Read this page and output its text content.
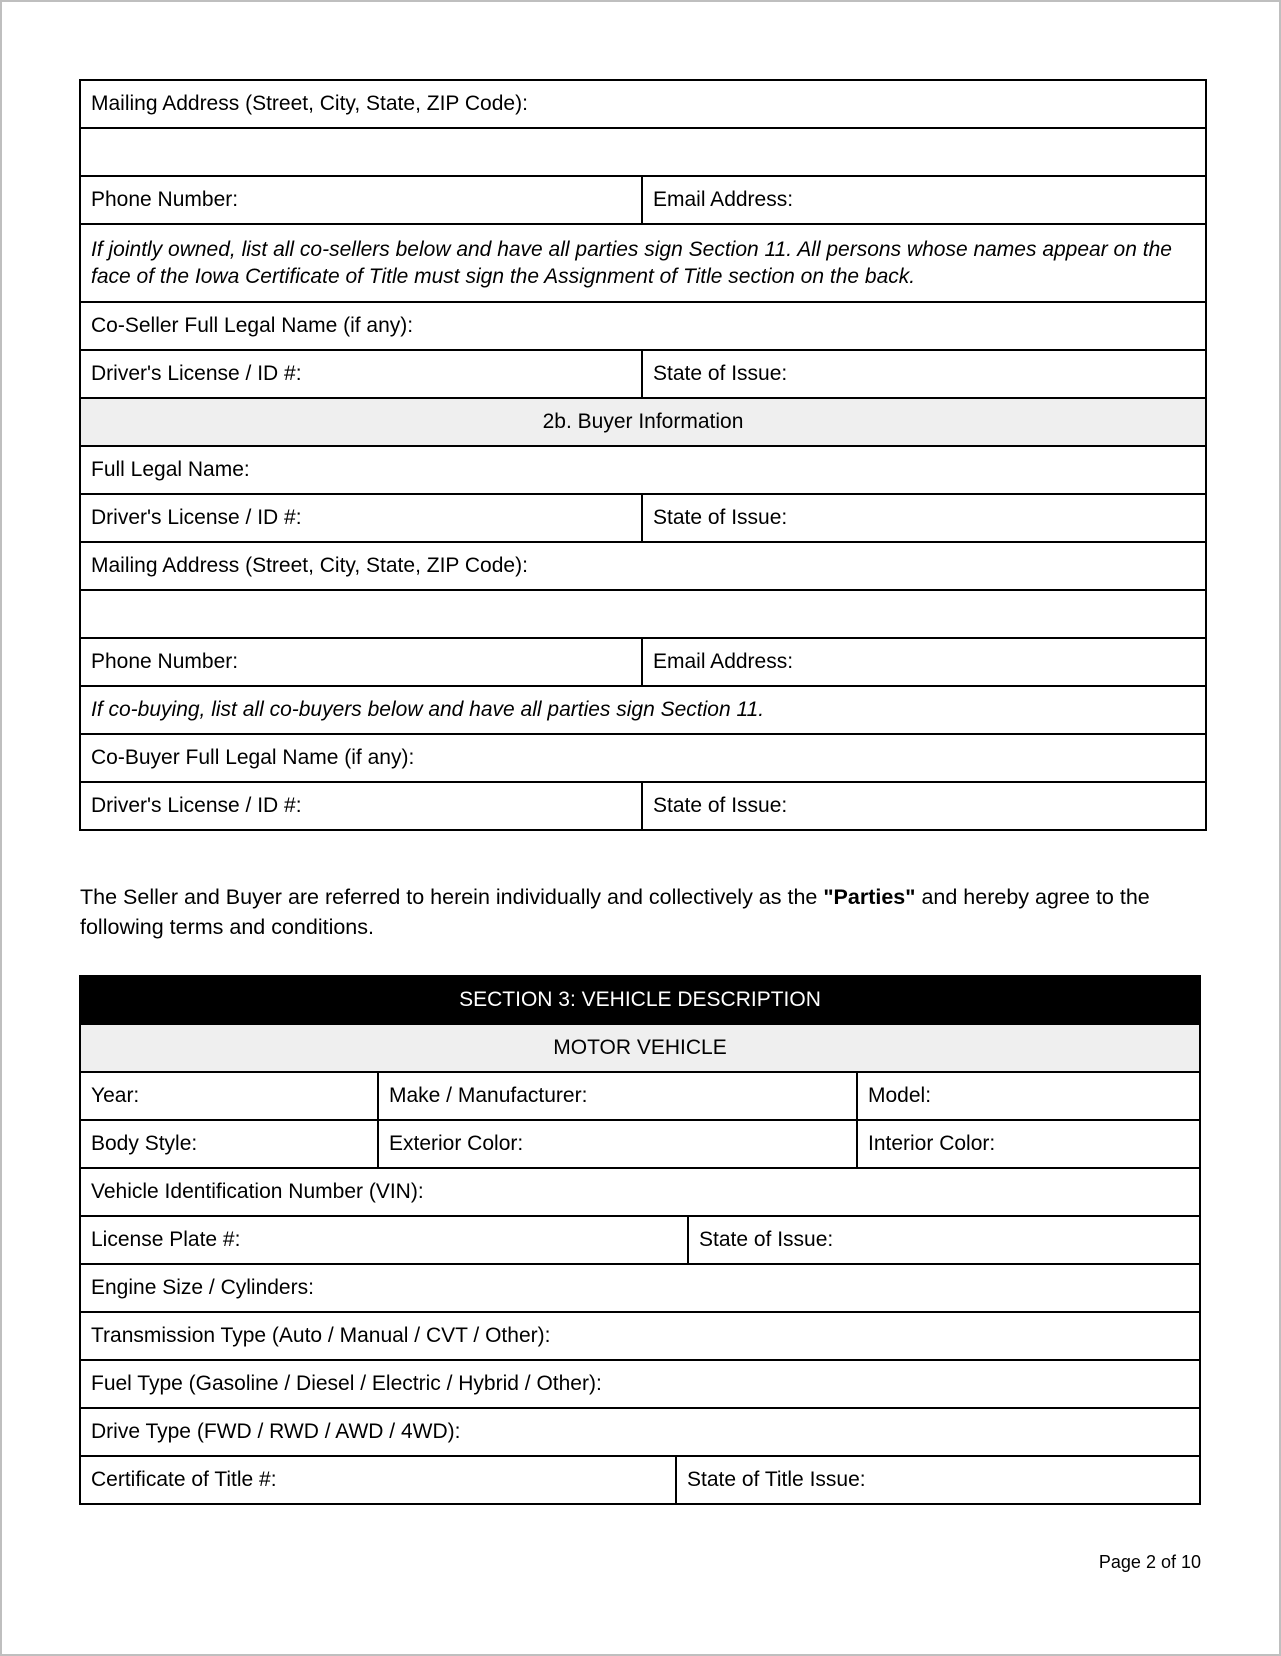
Mailing Address (Street, City, State, ZIP Code):	

Phone Number:	Email Address:
If jointly owned, list all co-sellers below and have all parties sign Section 11. All persons whose names appear on the face of the Iowa Certificate of Title must sign the Assignment of Title section on the back.	
Co-Seller Full Legal Name (if any):	
Driver's License / ID #:	State of Issue:
2b. Buyer Information	
Full Legal Name:	
Driver's License / ID #:	State of Issue:
Mailing Address (Street, City, State, ZIP Code):	

Phone Number:	Email Address:
If co-buying, list all co-buyers below and have all parties sign Section 11.	
Co-Buyer Full Legal Name (if any):	
Driver's License / ID #:	State of Issue:

The Seller and Buyer are referred to herein individually and collectively as the "Parties" and hereby agree to the following terms and conditions.

SECTION 3: VEHICLE DESCRIPTION				
MOTOR VEHICLE				
Year:	Make / Manufacturer:			Model:
Body Style:	Exterior Color:			Interior Color:
Vehicle Identification Number (VIN):				
License Plate #:			State of Issue:	
Engine Size / Cylinders:				
Transmission Type (Auto / Manual / CVT / Other):				
Fuel Type (Gasoline / Diesel / Electric / Hybrid / Other):				
Drive Type (FWD / RWD / AWD / 4WD):				
Certificate of Title #:		State of Title Issue:		
Page 2 of 10
